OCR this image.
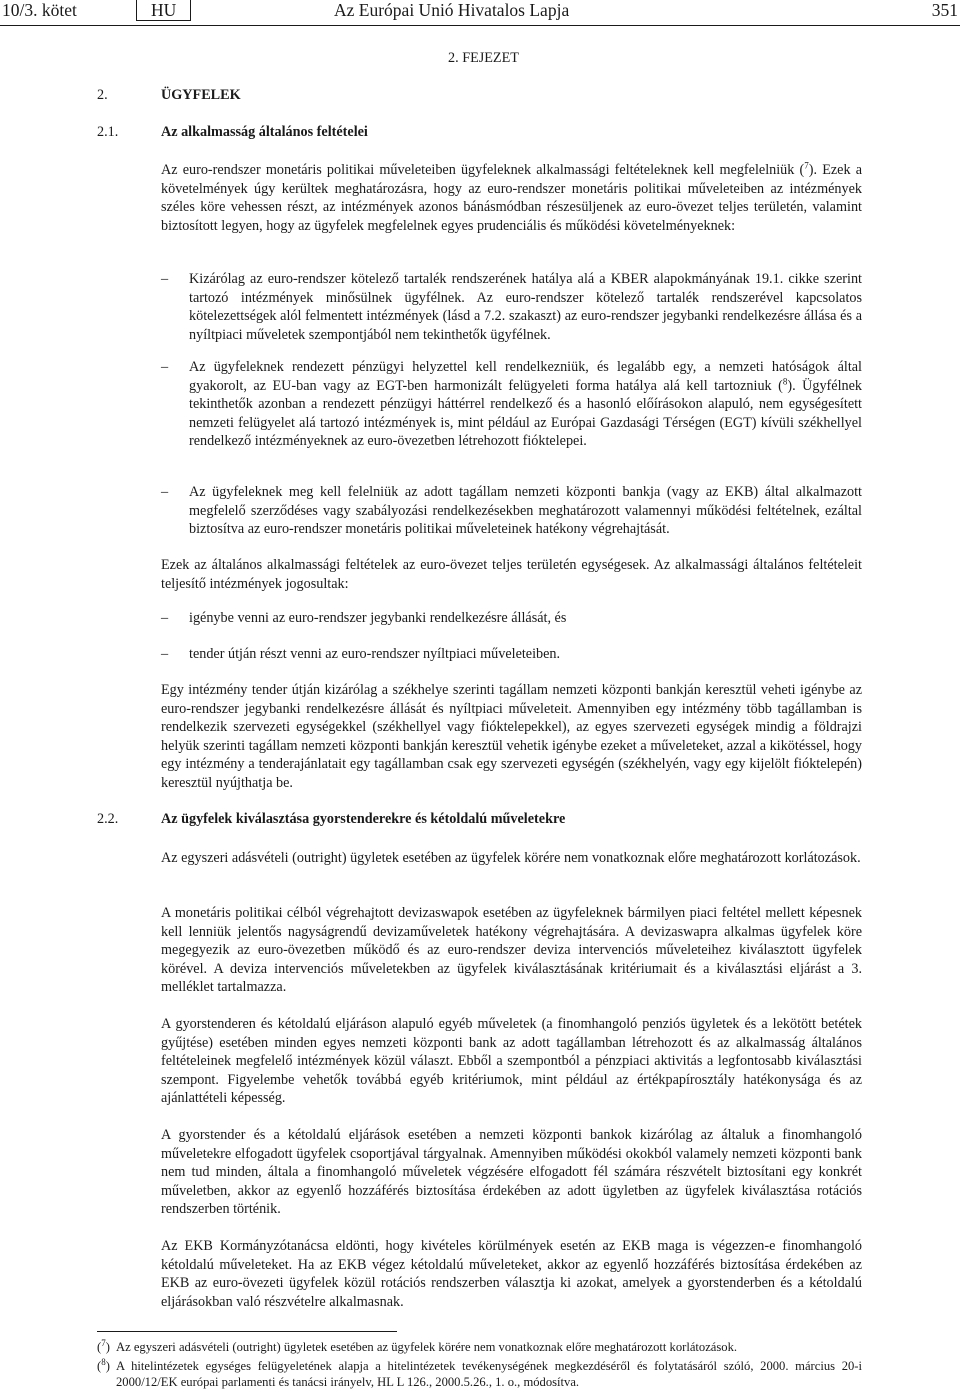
10/3. kötet	HU	Az Európai Unió Hivatalos Lapja	351
2. FEJEZET
2.	ÜGYFELEK
2.1.	Az alkalmasság általános feltételei
Az euro-rendszer monetáris politikai műveleteiben ügyfeleknek alkalmassági feltételeknek kell megfelelniük ($^7$). Ezek a követelmények úgy kerültek meghatározásra, hogy az euro-rendszer monetáris politikai műveleteiben az intézmények széles köre vehessen részt, az intézmények azonos bánásmódban részesüljenek az euro-övezet teljes területén, valamint biztosított legyen, hogy az ügyfelek megfelelnek egyes prudenciális és működési követelményeknek:
– Kizárólag az euro-rendszer kötelező tartalék rendszerének hatálya alá a KBER alapokmányának 19.1. cikke szerint tartozó intézmények minősülnek ügyfélnek. Az euro-rendszer kötelező tartalék rendszerével kapcsolatos kötelezettségek alól felmentett intézmények (lásd a 7.2. szakaszt) az euro-rendszer jegybanki rendelkezésre állása és a nyíltpiaci műveletek szempontjából nem tekinthetők ügyfélnek.
– Az ügyfeleknek rendezett pénzügyi helyzettel kell rendelkezniük, és legalább egy, a nemzeti hatóságok által gyakorolt, az EU-ban vagy az EGT-ben harmonizált felügyeleti forma hatálya alá kell tartozniuk ($^8$). Ügyfélnek tekinthetők azonban a rendezett pénzügyi háttérrel rendelkező és a hasonló előírásokon alapuló, nem egységesített nemzeti felügyelet alá tartozó intézmények is, mint például az Európai Gazdasági Térségen (EGT) kívüli székhellyel rendelkező intézményeknek az euro-övezetben létrehozott fióktelepei.
– Az ügyfeleknek meg kell felelniük az adott tagállam nemzeti központi bankja (vagy az EKB) által alkalmazott megfelelő szerződéses vagy szabályozási rendelkezésekben meghatározott valamennyi működési feltételnek, ezáltal biztosítva az euro-rendszer monetáris politikai műveleteinek hatékony végrehajtását.
Ezek az általános alkalmassági feltételek az euro-övezet teljes területén egységesek. Az alkalmassági általános feltételeit teljesítő intézmények jogosultak:
– igénybe venni az euro-rendszer jegybanki rendelkezésre állását, és
– tender útján részt venni az euro-rendszer nyíltpiaci műveleteiben.
Egy intézmény tender útján kizárólag a székhelye szerinti tagállam nemzeti központi bankján keresztül veheti igénybe az euro-rendszer jegybanki rendelkezésre állását és nyíltpiaci műveleteit. Amennyiben egy intézmény több tagállamban is rendelkezik szervezeti egységekkel (székhellyel vagy fióktelepekkel), az egyes szervezeti egységek mindig a földrajzi helyük szerinti tagállam nemzeti központi bankján keresztül vehetik igénybe ezeket a műveleteket, azzal a kikötéssel, hogy egy intézmény a tenderajánlatait egy tagállamban csak egy szervezeti egységén (székhelyén, vagy egy kijelölt fióktelepén) keresztül nyújthatja be.
2.2.	Az ügyfelek kiválasztása gyorstenderekre és kétoldalú műveletekre
Az egyszeri adásvételi (outright) ügyletek esetében az ügyfelek körére nem vonatkoznak előre meghatározott korlátozások.
A monetáris politikai célból végrehajtott devizaswapok esetében az ügyfeleknek bármilyen piaci feltétel mellett képesnek kell lenniük jelentős nagyságrendű devizaműveletek hatékony végrehajtására. A devizaswapra alkalmas ügyfelek köre megegyezik az euro-övezetben működő és az euro-rendszer deviza intervenciós műveleteihez kiválasztott ügyfelek körével. A deviza intervenciós műveletekben az ügyfelek kiválasztásának kritériumait és a kiválasztási eljárást a 3. melléklet tartalmazza.
A gyorstenderen és kétoldalú eljáráson alapuló egyéb műveletek (a finomhangoló penziós ügyletek és a lekötött betétek gyűjtése) esetében minden egyes nemzeti központi bank az adott tagállamban létrehozott és az alkalmasság általános feltételeinek megfelelő intézmények közül választ. Ebből a szempontból a pénzpiaci aktivitás a legfontosabb kiválasztási szempont. Figyelembe vehetők továbbá egyéb kritériumok, mint például az értékpapírosztály hatékonysága és az ajánlattételi képesség.
A gyorstender és a kétoldalú eljárások esetében a nemzeti központi bankok kizárólag az általuk a finomhangoló műveletekre elfogadott ügyfelek csoportjával tárgyalnak. Amennyiben működési okokból valamely nemzeti központi bank nem tud minden, általa a finomhangoló műveletek végzésére elfogadott fél számára részvételt biztosítani egy konkrét műveletben, akkor az egyenlő hozzáférés biztosítása érdekében az adott ügyletben az ügyfelek kiválasztása rotációs rendszerben történik.
Az EKB Kormányzótanácsa eldönti, hogy kivételes körülmények esetén az EKB maga is végezzen-e finomhangoló kétoldalú műveleteket. Ha az EKB végez kétoldalú műveleteket, akkor az egyenlő hozzáférés biztosítása érdekében az EKB az euro-övezeti ügyfelek közül rotációs rendszerben választja ki azokat, amelyek a gyorstenderben és a kétoldalú eljárásokban való részvételre alkalmasnak.
($^7$) Az egyszeri adásvételi (outright) ügyletek esetében az ügyfelek körére nem vonatkoznak előre meghatározott korlátozások.
($^8$) A hitelintézetek egységes felügyeletének alapja a hitelintézetek tevékenységének megkezdéséről és folytatásáról szóló, 2000. március 20-i 2000/12/EK európai parlamenti és tanácsi irányelv, HL L 126., 2000.5.26., 1. o., módosítva.
